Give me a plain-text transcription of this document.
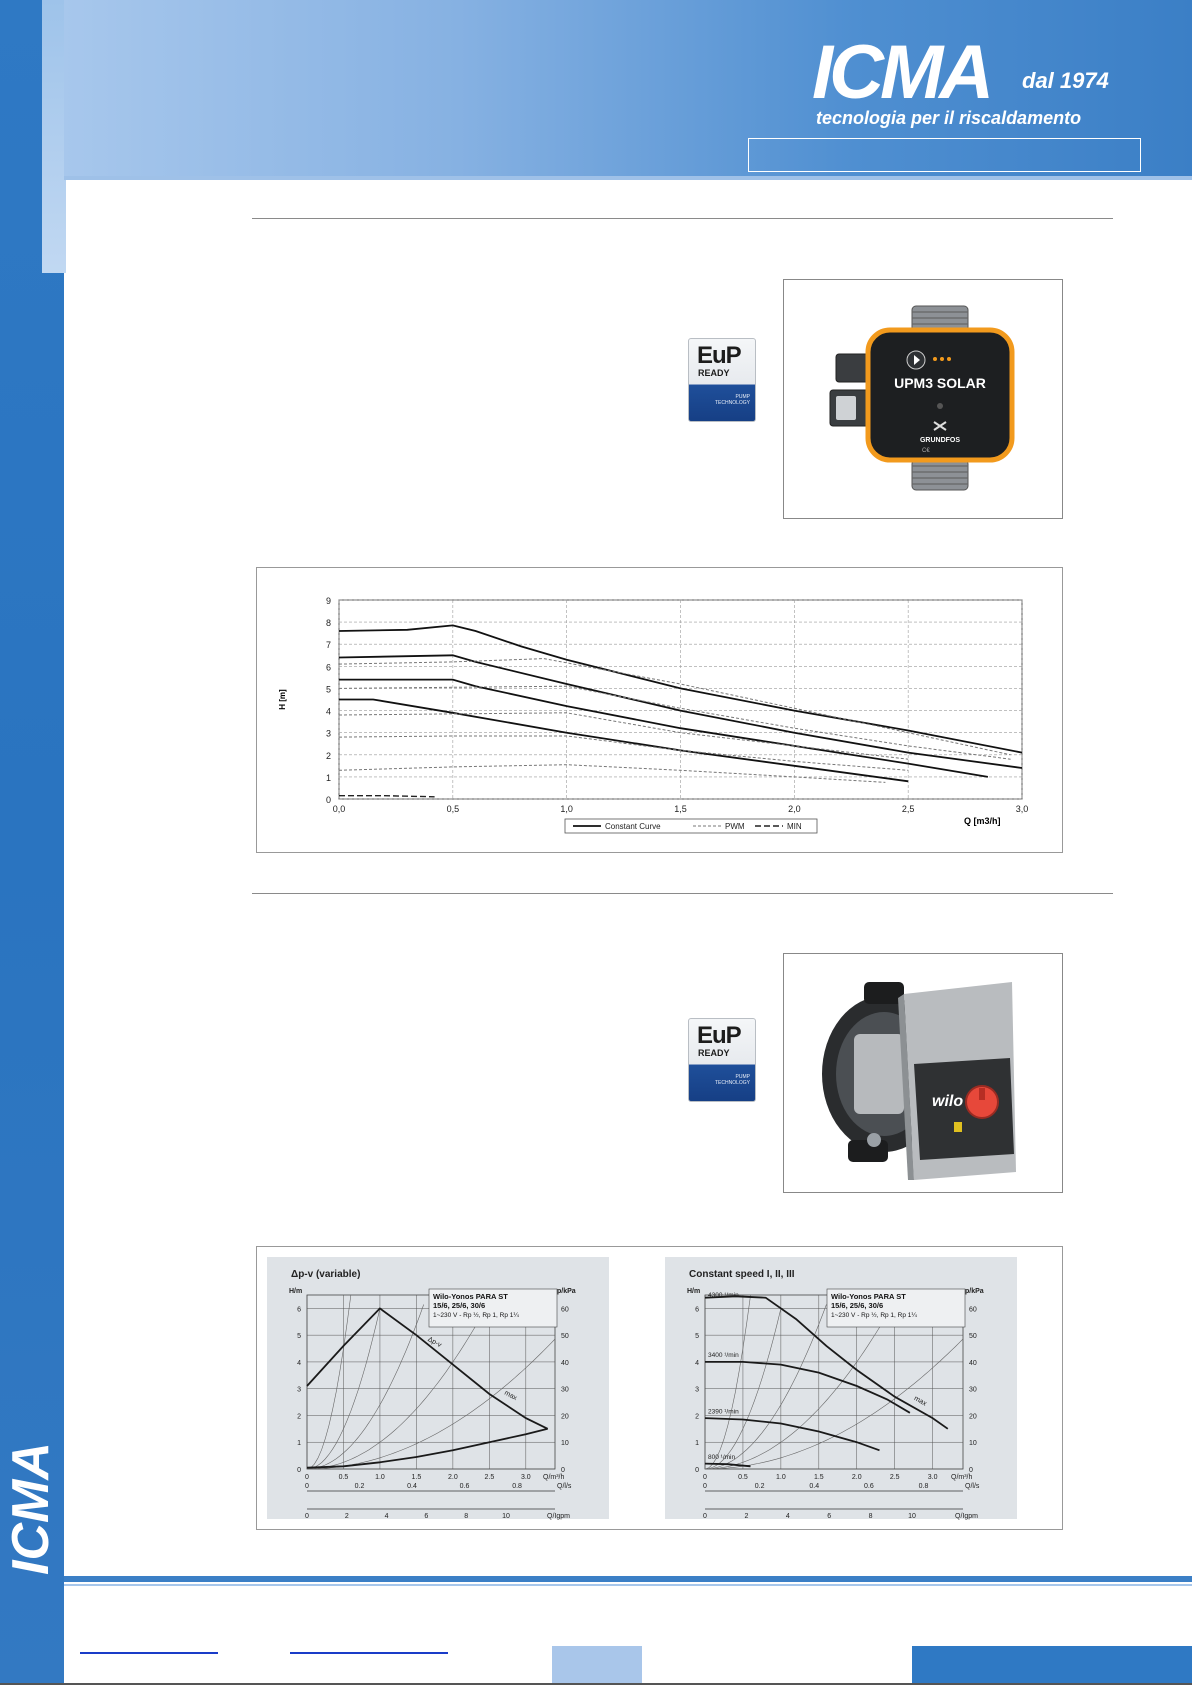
ICMA
ICMA dal 1974
tecnologia per il riscaldamento
EuP
READY
PUMP
TECHNOLOGY
UPM3 SOLAR
GRUNDFOS
C€
0
1
2
3
4
5
6
7
8
9
0,0	0,5	1,0	1,5	2,0	2,5	3,0
H [m]
Q [m3/h]
Constant Curve	PWM	MIN
EuP
READY
PUMP
TECHNOLOGY
wilo
Δp-v (variable)
0	0
1	10
2	20
3	30
4	40
5	50
6	60
0	0.5	1.0	1.5	2.0	2.5	3.0
H/m	p/kPa
Q/m³/h
0	0.2	0.4	0.6	0.8
0	2	4	6	8	10
Q/l/s
Q/Igpm
Wilo-Yonos PARA ST
15/6, 25/6, 30/6
1~230 V - Rp ½, Rp 1, Rp 1¼
Δp-v
max
Constant speed I, II, III
0	0
1	10
2	20
3	30
4	40
5	50
6	60
0	0.5	1.0	1.5	2.0	2.5	3.0
H/m	p/kPa
Q/m³/h
0	0.2	0.4	0.6	0.8
0	2	4	6	8	10
Q/l/s
Q/Igpm
Wilo-Yonos PARA ST
15/6, 25/6, 30/6
1~230 V - Rp ½, Rp 1, Rp 1¼
4300 ¹/min
3400 ¹/min
2390 ¹/min
800 ¹/min
max
